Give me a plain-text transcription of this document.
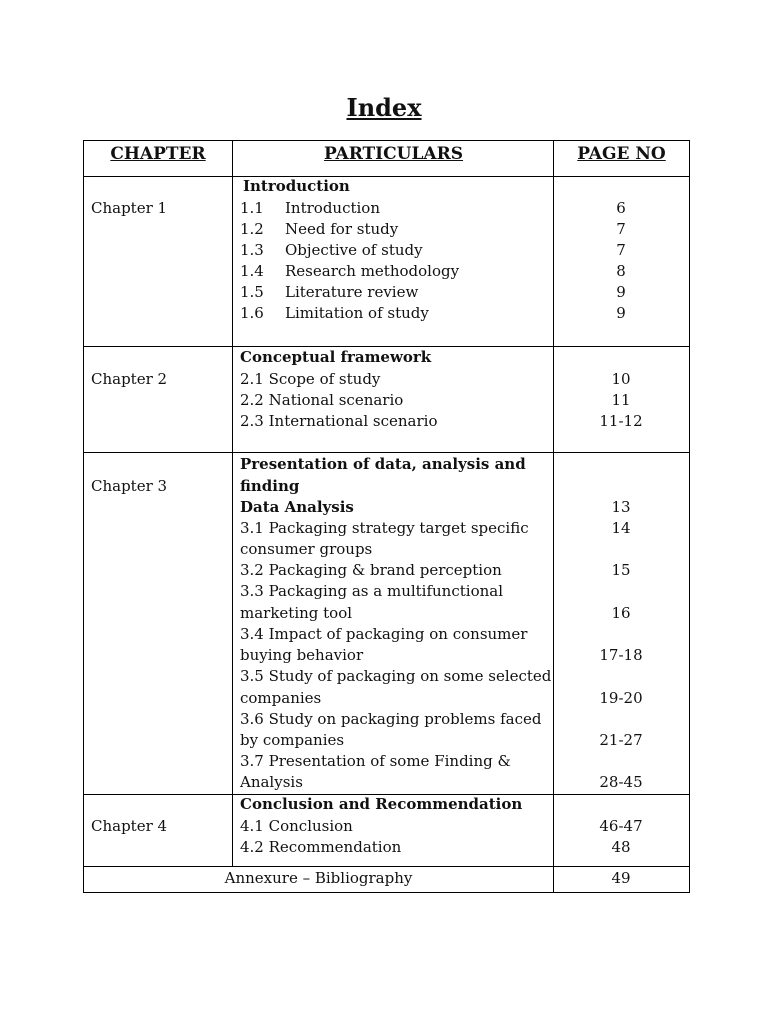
Index
CHAPTER	PARTICULARS	PAGE NO
Chapter 1
Introduction
1.1	Introduction	6
1.2	Need for study	7
1.3	Objective of study	7
1.4	Research methodology	8
1.5	Literature review	9
1.6	Limitation of study	9
Chapter 2
Conceptual framework
2.1 Scope of study	10
2.2 National scenario	11
2.3 International scenario	11-12
Chapter 3
Presentation of data, analysis and
finding
Data Analysis	13
3.1 Packaging strategy target specific	14
consumer groups
3.2 Packaging & brand perception	15
3.3 Packaging as a multifunctional
marketing tool	16
3.4 Impact of packaging on consumer
buying behavior	17-18
3.5 Study of packaging on some selected
companies	19-20
3.6 Study on packaging problems faced
by companies	21-27
3.7 Presentation of some Finding &
Analysis	28-45
Chapter 4
Conclusion and Recommendation
4.1 Conclusion	46-47
4.2 Recommendation	48
Annexure – Bibliography	49
